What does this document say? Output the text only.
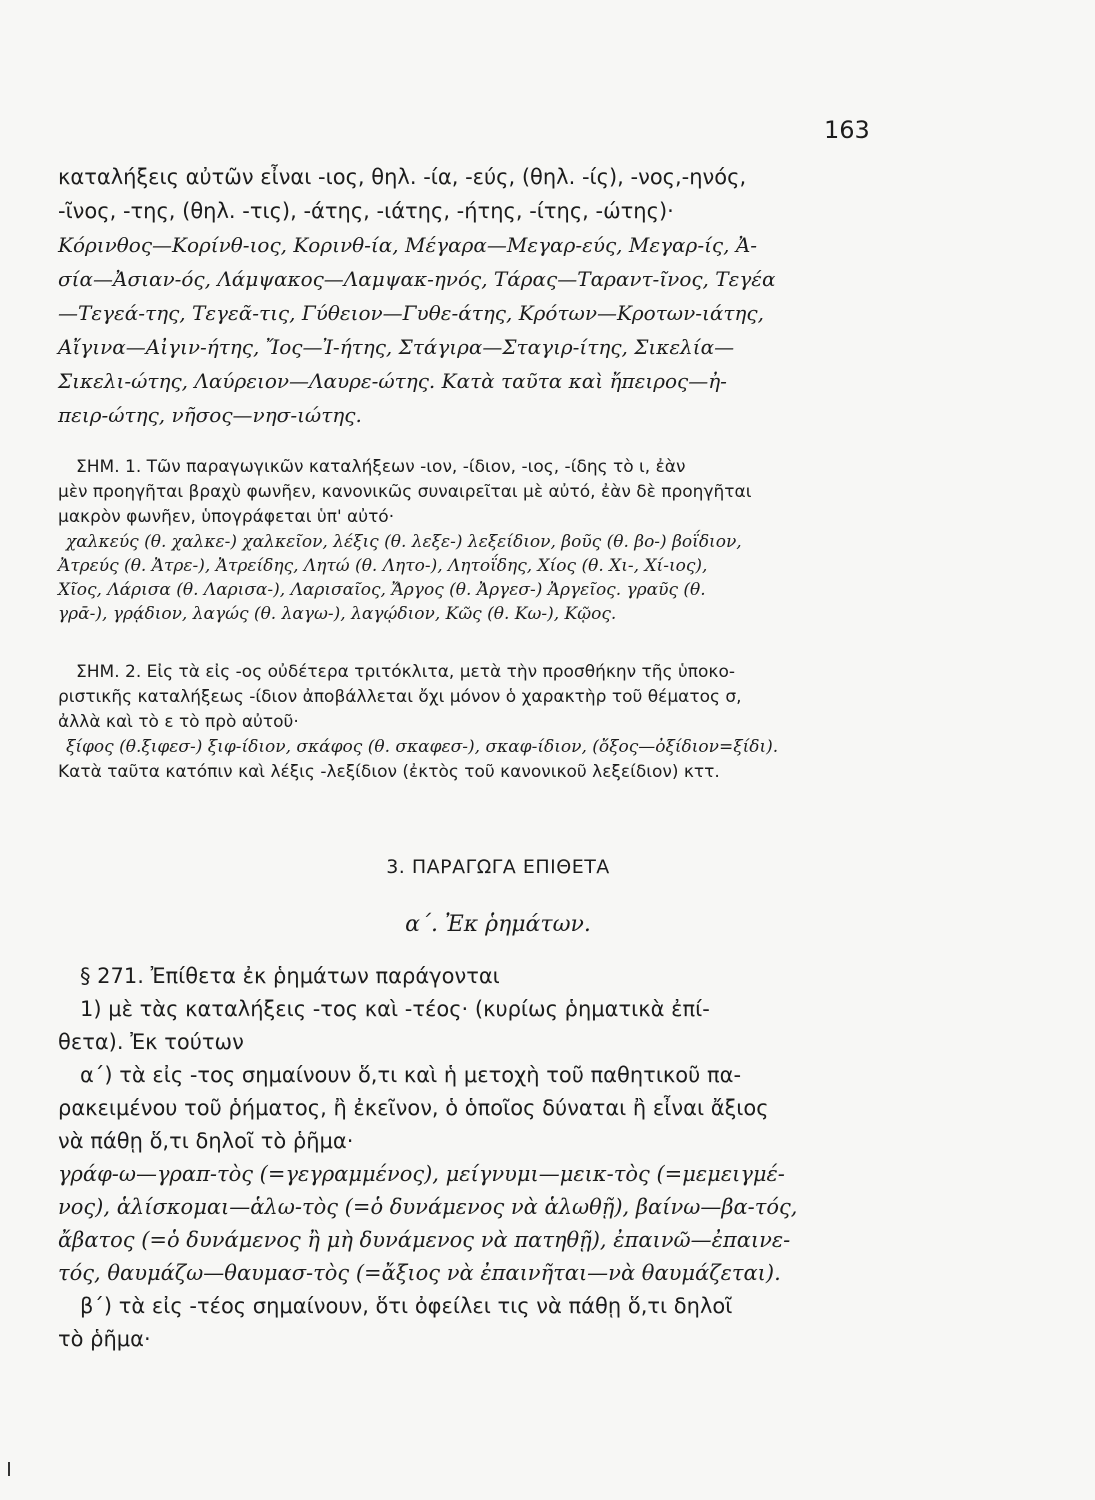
163
καταλήξεις αὐτῶν εἶναι -ιος, θηλ. -ία, -εύς, (θηλ. -ίς), -νος,-ηνός,
-ῖνος, -της, (θηλ. -τις), -άτης, -ιάτης, -ήτης, -ίτης, -ώτης)·
Κόρινθος—Κορίνθ-ιος, Κορινθ-ία, Μέγαρα—Μεγαρ-εύς, Μεγαρ-ίς, Ἀ-
σία—Ἀσιαν-ός, Λάμψακος—Λαμψακ-ηνός, Τάρας—Ταραντ-ῖνος, Τεγέα
—Τεγεά-της, Τεγεᾶ-τις, Γύθειον—Γυθε-άτης, Κρότων—Κροτων-ιάτης,
Αἴγινα—Αἰγιν-ήτης, Ἴος—Ἰ-ήτης, Στάγιρα—Σταγιρ-ίτης, Σικελία—
Σικελι-ώτης, Λαύρειον—Λαυρε-ώτης. Κατὰ ταῦτα καὶ ἤπειρος—ἠ-
πειρ-ώτης, νῆσος—νησ-ιώτης.
ΣΗΜ. 1. Τῶν παραγωγικῶν καταλήξεων -ιον, -ίδιον, -ιος, -ίδης τὸ ι, ἐὰν
μὲν προηγῆται βραχὺ φωνῆεν, κανονικῶς συναιρεῖται μὲ αὐτό, ἐὰν δὲ προηγῆται
μακρὸν φωνῆεν, ὑπογράφεται ὑπ' αὐτό·
χαλκεύς (θ. χαλκε-) χαλκεῖον, λέξις (θ. λεξε-) λεξείδιον, βοῦς (θ. βο-) βοΐδιον,
Ἀτρεύς (θ. Ἀτρε-), Ἀτρείδης, Λητώ (θ. Λητο-), Λητοΐδης, Χίος (θ. Χι-, Χί-ιος),
Χῖος, Λάρισα (θ. Λαρισα-), Λαρισαῖος, Ἄργος (θ. Ἀργεσ-) Ἀργεῖος. γραῦς (θ.
γρᾱ-), γρᾴδιον, λαγώς (θ. λαγω-), λαγῴδιον, Κῶς (θ. Κω-), Κῷος.
ΣΗΜ. 2. Εἰς τὰ εἰς -ος οὐδέτερα τριτόκλιτα, μετὰ τὴν προσθήκην τῆς ὑποκο-
ριστικῆς καταλήξεως -ίδιον ἀποβάλλεται ὄχι μόνον ὁ χαρακτὴρ τοῦ θέματος σ,
ἀλλὰ καὶ τὸ ε τὸ πρὸ αὐτοῦ·
ξίφος (θ.ξιφεσ-) ξιφ-ίδιον, σκάφος (θ. σκαφεσ-), σκαφ-ίδιον, (ὄξος—ὀξίδιον=ξίδι).
Κατὰ ταῦτα κατόπιν καὶ λέξις -λεξίδιον (ἐκτὸς τοῦ κανονικοῦ λεξείδιον) κττ.
3. ΠΑΡΑΓΩΓΑ ΕΠΙΘΕΤΑ
α΄. Ἐκ ῥημάτων.
§ 271. Ἐπίθετα ἐκ ῥημάτων παράγονται
1) μὲ τὰς καταλήξεις -τος καὶ -τέος· (κυρίως ῥηματικὰ ἐπί-
θετα). Ἐκ τούτων
α΄) τὰ εἰς -τος σημαίνουν ὅ,τι καὶ ἡ μετοχὴ τοῦ παθητικοῦ πα-
ρακειμένου τοῦ ῥήματος, ἢ ἐκεῖνον, ὁ ὁποῖος δύναται ἢ εἶναι ἄξιος
νὰ πάθῃ ὅ,τι δηλοῖ τὸ ῥῆμα·
γράφ-ω—γραπ-τὸς (=γεγραμμένος), μείγνυμι—μεικ-τὸς (=μεμειγμέ-
νος), ἁλίσκομαι—ἁλω-τὸς (=ὁ δυνάμενος νὰ ἁλωθῇ), βαίνω—βα-τός,
ἄβατος (=ὁ δυνάμενος ἢ μὴ δυνάμενος νὰ πατηθῇ), ἐπαινῶ—ἐπαινε-
τός, θαυμάζω—θαυμασ-τὸς (=ἄξιος νὰ ἐπαινῆται—νὰ θαυμάζεται).
β΄) τὰ εἰς -τέος σημαίνουν, ὅτι ὀφείλει τις νὰ πάθῃ ὅ,τι δηλοῖ
τὸ ῥῆμα·
